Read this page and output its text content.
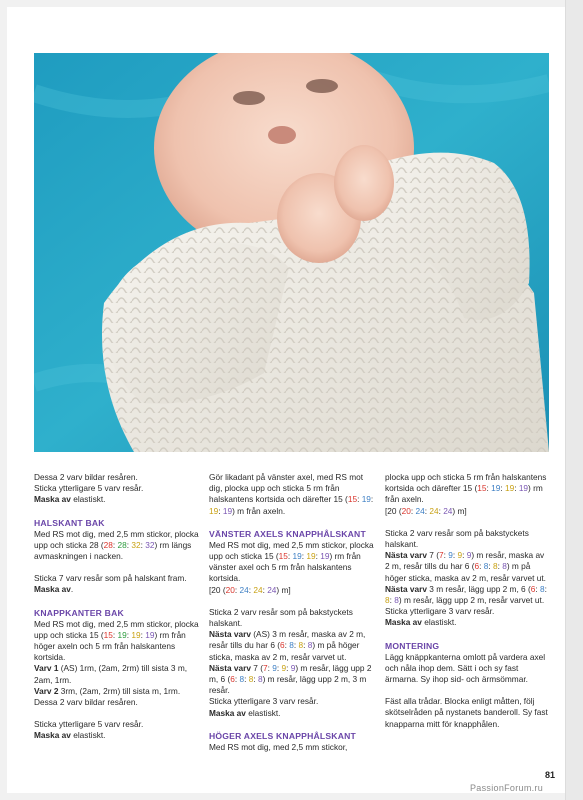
Dessa 2 varv bildar resåren.
Sticka ytterligare 5 varv resår.
Maska av elastiskt.

HALSKANT BAK

Med RS mot dig, med 2,5 mm stickor, plocka upp och sticka 28 (28: 28: 32: 32) rm längs avmaskningen i nacken.

Sticka 7 varv resår som på halskant fram.
Maska av.

KNAPPKANTER BAK

Med RS mot dig, med 2,5 mm stickor, plocka upp och sticka 15 (15: 19: 19: 19) rm från höger axeln och 5 rm från halskantens kortsida.
Varv 1 (AS) 1rm, (2am, 2rm) till sista 3 m, 2am, 1rm.
Varv 2 3rm, (2am, 2rm) till sista m, 1rm.
Dessa 2 varv bildar resåren.

Sticka ytterligare 5 varv resår.
Maska av elastiskt.

Gör likadant på vänster axel, med RS mot dig, plocka upp och sticka 5 rm från halskantens kortsida och därefter 15 (15: 19: 19: 19) m från axeln.

VÄNSTER AXELS KNAPPHÅLSKANT

Med RS mot dig, med 2,5 mm stickor, plocka upp och sticka 15 (15: 19: 19: 19) rm från vänster axel och 5 rm från halskantens kortsida.
[20 (20: 24: 24: 24) m]

Sticka 2 varv resår som på bakstyckets halskant.
Nästa varv (AS) 3 m resår, maska av 2 m, resår tills du har 6 (6: 8: 8: 8) m på höger sticka, maska av 2 m, resår varvet ut.
Nästa varv 7 (7: 9: 9: 9) m resår, lägg upp 2 m, 6 (6: 8: 8: 8) m resår, lägg upp 2 m, 3 m resår.
Sticka ytterligare 3 varv resår.
Maska av elastiskt.

HÖGER AXELS KNAPPHÅLSKANT

Med RS mot dig, med 2,5 mm stickor,

plocka upp och sticka 5 rm från halskantens kortsida och därefter 15 (15: 19: 19: 19) rm från axeln.
[20 (20: 24: 24: 24) m]

Sticka 2 varv resår som på bakstyckets halskant.
Nästa varv 7 (7: 9: 9: 9) m resår, maska av 2 m, resår tills du har 6 (6: 8: 8: 8) m på höger sticka, maska av 2 m, resår varvet ut.
Nästa varv 3 m resår, lägg upp 2 m, 6 (6: 8: 8: 8) m resår, lägg upp 2 m, resår varvet ut.
Sticka ytterligare 3 varv resår.
Maska av elastiskt.

MONTERING

Lägg knäppkanterna omlott på vardera axel och nåla ihop dem. Sätt i och sy fast ärmarna. Sy ihop sid- och ärmsömmar.

Fäst alla trådar. Blocka enligt måtten, följ skötselråden på nystanets banderoll. Sy fast knapparna mitt för knapphålen.

81
PassionForum.ru
